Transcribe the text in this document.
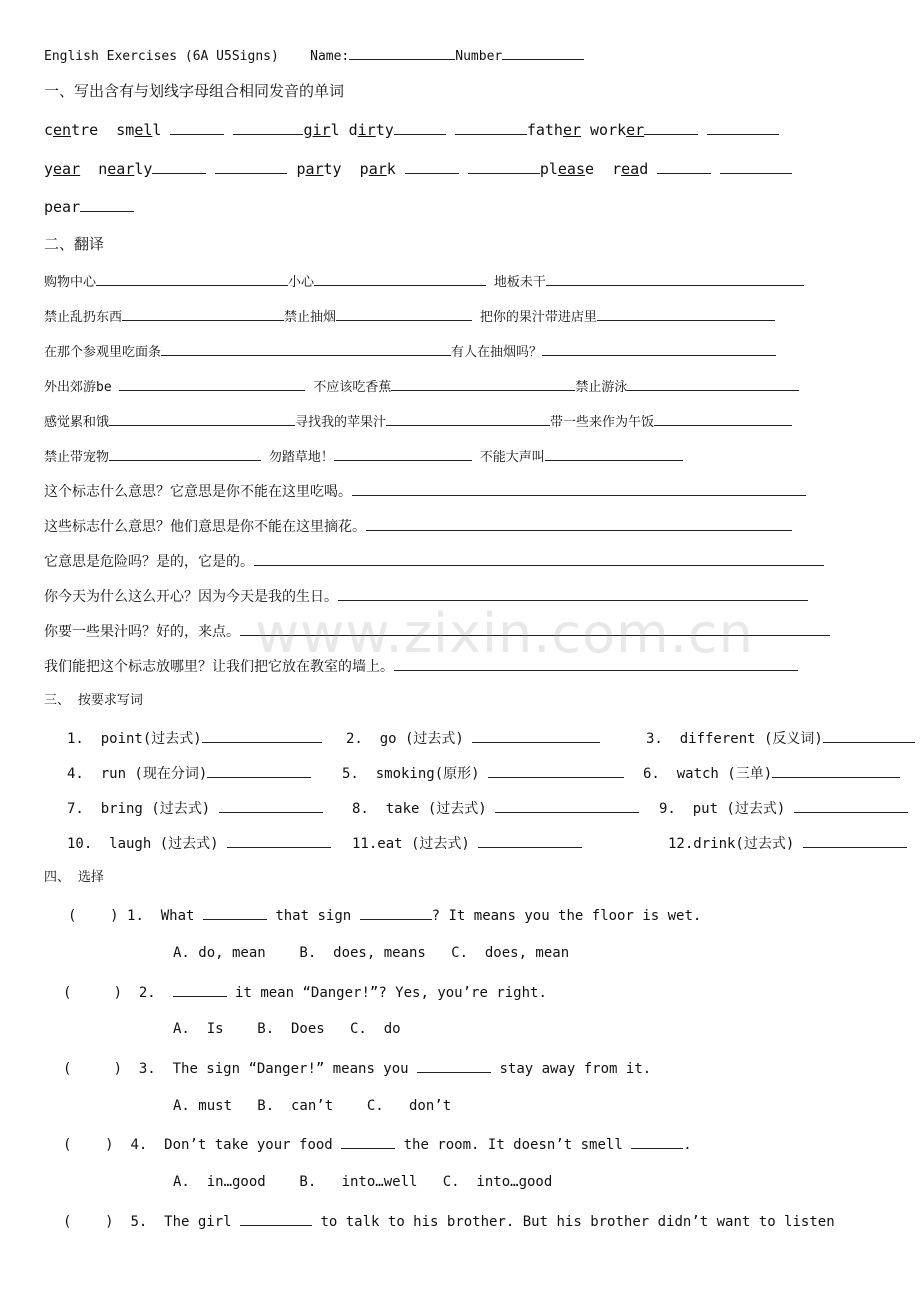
English Exercises (6A U5Signs) Name:	Number
一、写出含有与划线字母组合相同发音的单词
centre smell	girl dirty	father worker
year nearly	party park	please read
pear
二、翻译
购物中心	小心	地板未干
禁止乱扔东西	禁止抽烟	把你的果汁带进店里
在那个参观里吃面条	有人在抽烟吗？
外出郊游be	不应该吃香蕉	禁止游泳
感觉累和饿	寻找我的苹果汁	带一些来作为午饭
禁止带宠物	勿踏草地！	不能大声叫
这个标志什么意思？它意思是你不能在这里吃喝。
这些标志什么意思？他们意思是你不能在这里摘花。
它意思是危险吗？是的，它是的。
你今天为什么这么开心？因为今天是我的生日。
你要一些果汁吗？好的，来点。
我们能把这个标志放哪里？让我们把它放在教室的墙上。
三、 按要求写词
1.  point(过去式)	2.  go (过去式)	3.  different (反义词)
4.  run (现在分词)	5.  smoking(原形)	6.  watch (三单)
7.  bring (过去式)	8.  take (过去式)	9.  put (过去式)
10.  laugh (过去式)	11.eat (过去式)	12.drink(过去式)
四、 选择
(    ) 1.  What	that sign	? It means you the floor is wet.
A. do, mean    B.  does, means   C.  does, mean
(     ) 2.	it mean “Danger!”? Yes, you’re right.
A.  Is    B.  Does   C.  do
(     ) 3.  The sign “Danger!” means you	stay away from it.
A. must   B.  can’t    C.   don’t
(    ) 4.  Don’t take your food	the room. It doesn’t smell	.
A.  in…good    B.   into…well   C.  into…good
(    ) 5.  The girl	to talk to his brother. But his brother didn’t want to listen
www.zixin.com.cn
